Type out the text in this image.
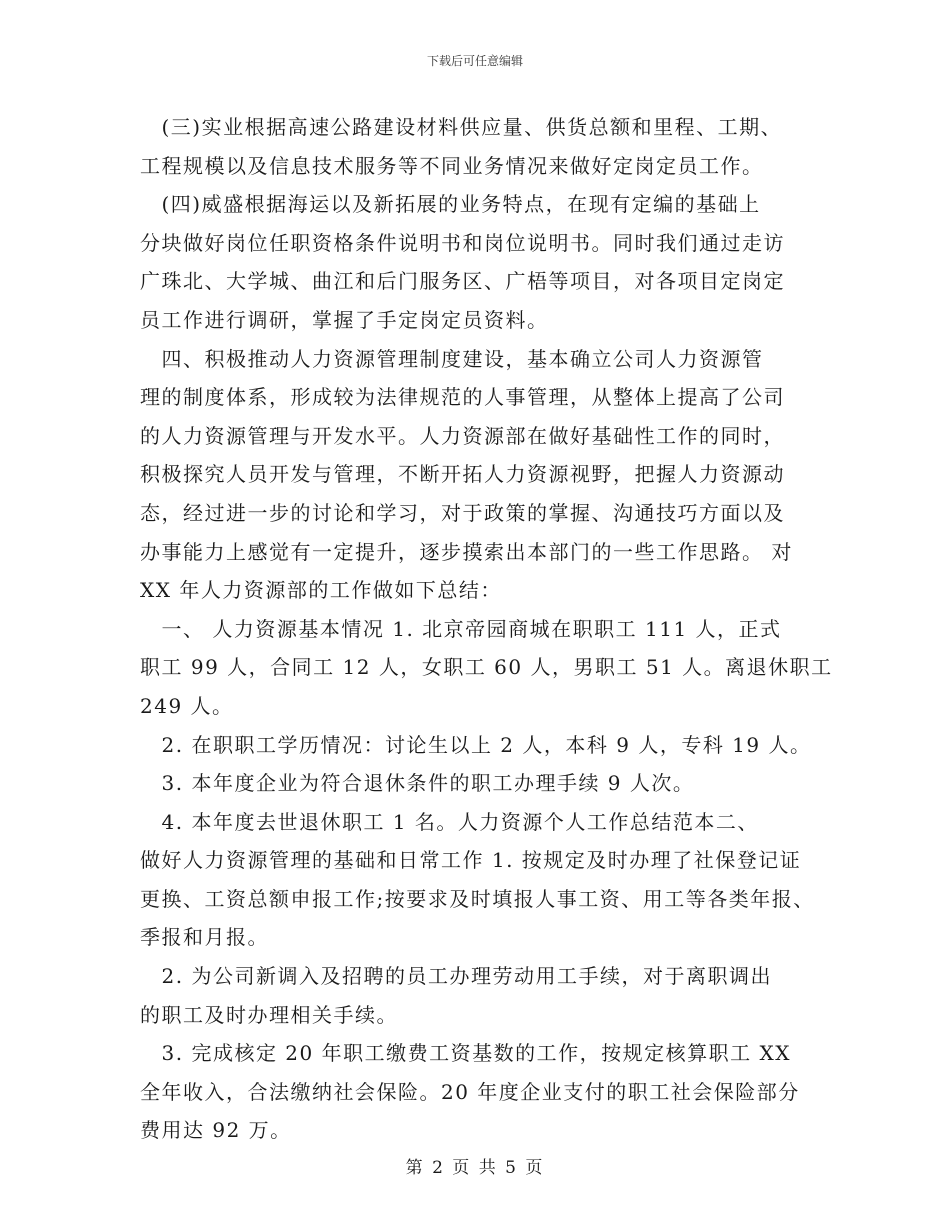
下载后可任意编辑
　(三)实业根据高速公路建设材料供应量、供货总额和里程、工期、
工程规模以及信息技术服务等不同业务情况来做好定岗定员工作。
　(四)威盛根据海运以及新拓展的业务特点，在现有定编的基础上
分块做好岗位任职资格条件说明书和岗位说明书。同时我们通过走访
广珠北、大学城、曲江和后门服务区、广梧等项目，对各项目定岗定
员工作进行调研，掌握了手定岗定员资料。
　四、积极推动人力资源管理制度建设，基本确立公司人力资源管
理的制度体系，形成较为法律规范的人事管理，从整体上提高了公司
的人力资源管理与开发水平。人力资源部在做好基础性工作的同时，
积极探究人员开发与管理，不断开拓人力资源视野，把握人力资源动
态，经过进一步的讨论和学习，对于政策的掌握、沟通技巧方面以及
办事能力上感觉有一定提升，逐步摸索出本部门的一些工作思路。 对
XX 年人力资源部的工作做如下总结：
　一、 人力资源基本情况 1. 北京帝园商城在职职工 111 人，正式
职工 99 人，合同工 12 人，女职工 60 人，男职工 51 人。离退休职工
249 人。
　2. 在职职工学历情况：讨论生以上 2 人，本科 9 人，专科 19 人。
　3. 本年度企业为符合退休条件的职工办理手续 9 人次。
　4. 本年度去世退休职工 1 名。人力资源个人工作总结范本二、
做好人力资源管理的基础和日常工作 1. 按规定及时办理了社保登记证
更换、工资总额申报工作;按要求及时填报人事工资、用工等各类年报、
季报和月报。
　2. 为公司新调入及招聘的员工办理劳动用工手续，对于离职调出
的职工及时办理相关手续。
　3. 完成核定 20 年职工缴费工资基数的工作，按规定核算职工 XX
全年收入，合法缴纳社会保险。20 年度企业支付的职工社会保险部分
费用达 92 万。
第 2 页 共 5 页
